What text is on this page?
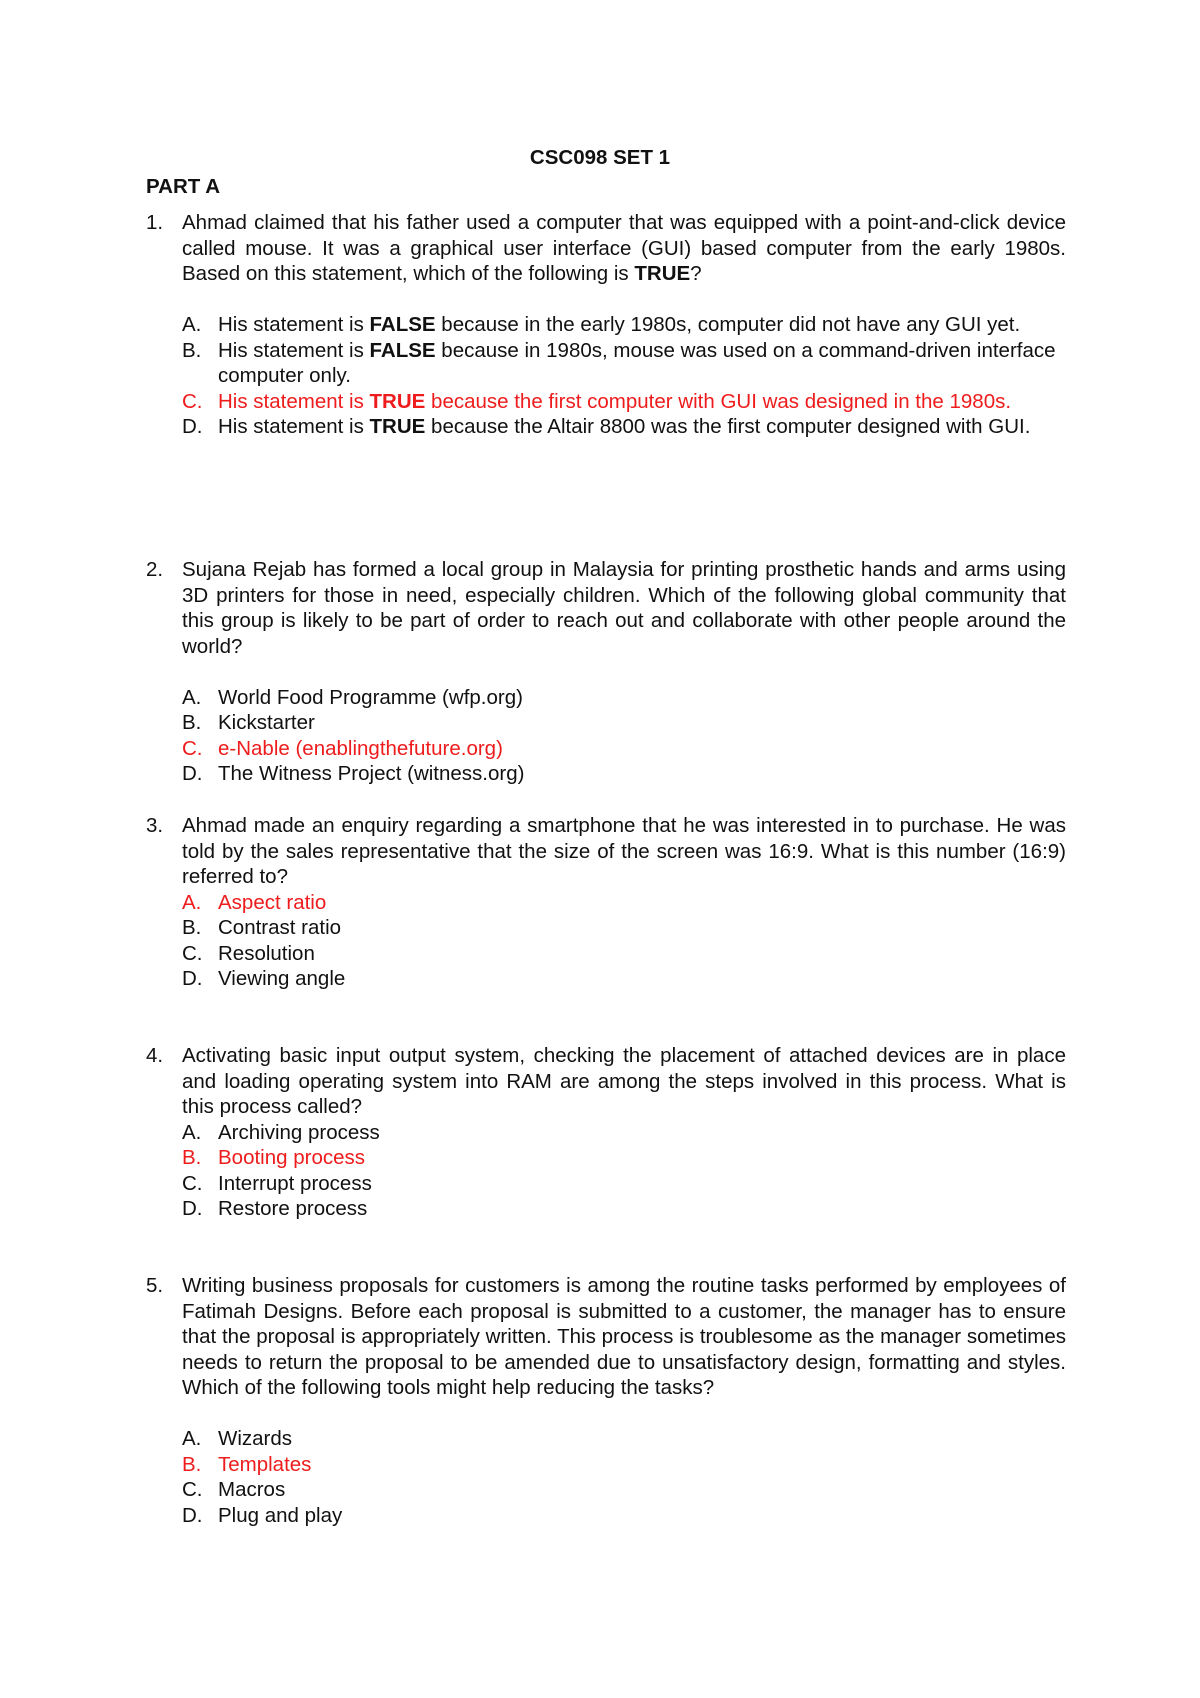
CSC098 SET 1
PART A
1. Ahmad claimed that his father used a computer that was equipped with a point-and-click device called mouse. It was a graphical user interface (GUI) based computer from the early 1980s. Based on this statement, which of the following is TRUE?
A. His statement is FALSE because in the early 1980s, computer did not have any GUI yet.
B. His statement is FALSE because in 1980s, mouse was used on a command-driven interface computer only.
C. His statement is TRUE because the first computer with GUI was designed in the 1980s.
D. His statement is TRUE because the Altair 8800 was the first computer designed with GUI.
2. Sujana Rejab has formed a local group in Malaysia for printing prosthetic hands and arms using 3D printers for those in need, especially children. Which of the following global community that this group is likely to be part of order to reach out and collaborate with other people around the world?
A. World Food Programme (wfp.org)
B. Kickstarter
C. e-Nable (enablingthefuture.org)
D. The Witness Project (witness.org)
3. Ahmad made an enquiry regarding a smartphone that he was interested in to purchase. He was told by the sales representative that the size of the screen was 16:9. What is this number (16:9) referred to?
A. Aspect ratio
B. Contrast ratio
C. Resolution
D. Viewing angle
4. Activating basic input output system, checking the placement of attached devices are in place and loading operating system into RAM are among the steps involved in this process. What is this process called?
A. Archiving process
B. Booting process
C. Interrupt process
D. Restore process
5. Writing business proposals for customers is among the routine tasks performed by employees of Fatimah Designs. Before each proposal is submitted to a customer, the manager has to ensure that the proposal is appropriately written. This process is troublesome as the manager sometimes needs to return the proposal to be amended due to unsatisfactory design, formatting and styles. Which of the following tools might help reducing the tasks?
A. Wizards
B. Templates
C. Macros
D. Plug and play
